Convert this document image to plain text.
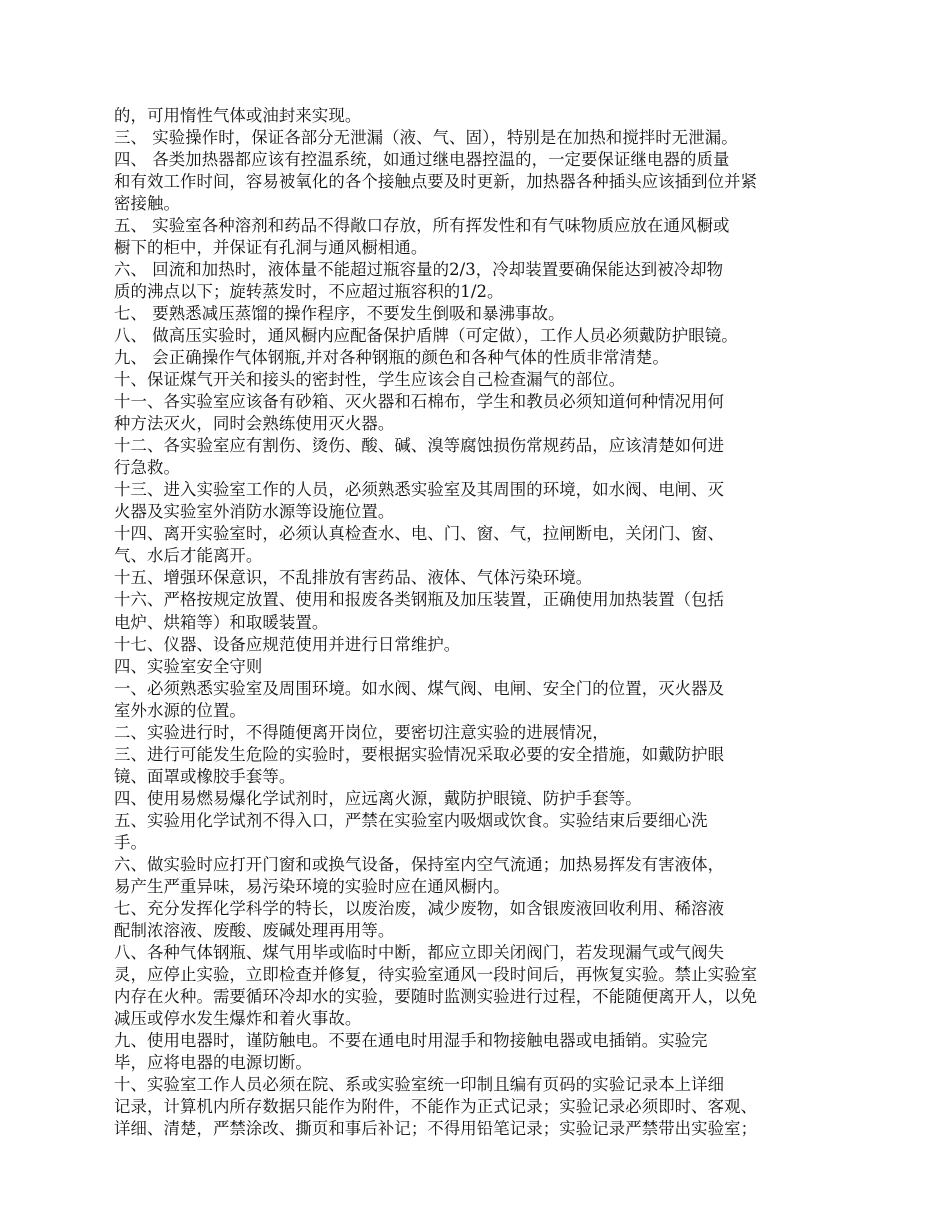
的，可用惰性气体或油封来实现。
三、 实验操作时，保证各部分无泄漏（液、气、固），特别是在加热和搅拌时无泄漏。
四、 各类加热器都应该有控温系统，如通过继电器控温的，一定要保证继电器的质量
和有效工作时间，容易被氧化的各个接触点要及时更新，加热器各种插头应该插到位并紧
密接触。
五、 实验室各种溶剂和药品不得敞口存放，所有挥发性和有气味物质应放在通风橱或
橱下的柜中，并保证有孔洞与通风橱相通。
六、 回流和加热时，液体量不能超过瓶容量的2/3，冷却装置要确保能达到被冷却物
质的沸点以下；旋转蒸发时，不应超过瓶容积的1/2。
七、 要熟悉减压蒸馏的操作程序，不要发生倒吸和暴沸事故。
八、 做高压实验时，通风橱内应配备保护盾牌（可定做），工作人员必须戴防护眼镜。
九、 会正确操作气体钢瓶,并对各种钢瓶的颜色和各种气体的性质非常清楚。
十、保证煤气开关和接头的密封性，学生应该会自己检查漏气的部位。
十一、各实验室应该备有砂箱、灭火器和石棉布，学生和教员必须知道何种情况用何
种方法灭火，同时会熟练使用灭火器。
十二、各实验室应有割伤、烫伤、酸、碱、溴等腐蚀损伤常规药品，应该清楚如何进
行急救。
十三、进入实验室工作的人员，必须熟悉实验室及其周围的环境，如水阀、电闸、灭
火器及实验室外消防水源等设施位置。
十四、离开实验室时，必须认真检查水、电、门、窗、气，拉闸断电，关闭门、窗、
气、水后才能离开。
十五、增强环保意识，不乱排放有害药品、液体、气体污染环境。
十六、严格按规定放置、使用和报废各类钢瓶及加压装置，正确使用加热装置（包括
电炉、烘箱等）和取暖装置。
十七、仪器、设备应规范使用并进行日常维护。
四、实验室安全守则
一、必须熟悉实验室及周围环境。如水阀、煤气阀、电闸、安全门的位置，灭火器及
室外水源的位置。
二、实验进行时，不得随便离开岗位，要密切注意实验的进展情况，
三、进行可能发生危险的实验时，要根据实验情况采取必要的安全措施，如戴防护眼
镜、面罩或橡胶手套等。
四、使用易燃易爆化学试剂时，应远离火源，戴防护眼镜、防护手套等。
五、实验用化学试剂不得入口，严禁在实验室内吸烟或饮食。实验结束后要细心洗
手。
六、做实验时应打开门窗和或换气设备，保持室内空气流通；加热易挥发有害液体，
易产生严重异味，易污染环境的实验时应在通风橱内。
七、充分发挥化学科学的特长，以废治废，减少废物，如含银废液回收利用、稀溶液
配制浓溶液、废酸、废碱处理再用等。
八、各种气体钢瓶、煤气用毕或临时中断，都应立即关闭阀门，若发现漏气或气阀失
灵，应停止实验，立即检查并修复，待实验室通风一段时间后，再恢复实验。禁止实验室
内存在火种。需要循环冷却水的实验，要随时监测实验进行过程，不能随便离开人，以免
减压或停水发生爆炸和着火事故。
九、使用电器时，谨防触电。不要在通电时用湿手和物接触电器或电插销。实验完
毕，应将电器的电源切断。
十、实验室工作人员必须在院、系或实验室统一印制且编有页码的实验记录本上详细
记录，计算机内所存数据只能作为附件，不能作为正式记录；实验记录必须即时、客观、
详细、清楚，严禁涂改、撕页和事后补记；不得用铅笔记录；实验记录严禁带出实验室；
